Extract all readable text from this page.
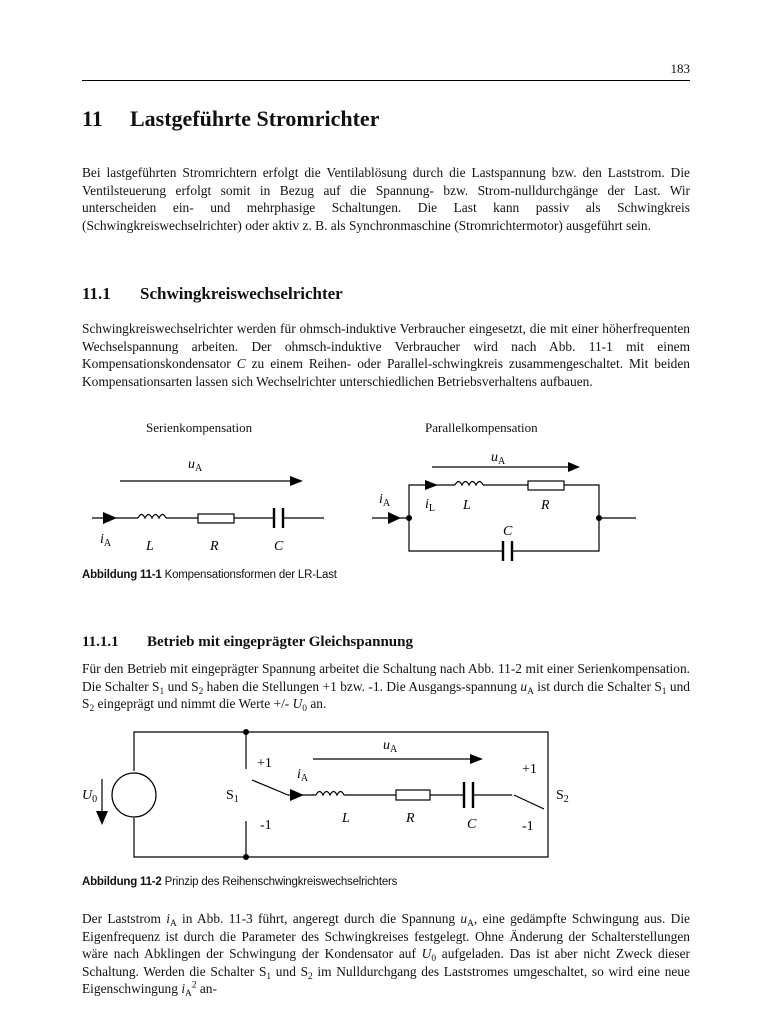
183
11 Lastgeführte Stromrichter
Bei lastgeführten Stromrichtern erfolgt die Ventilablösung durch die Lastspannung bzw. den Laststrom. Die Ventilsteuerung erfolgt somit in Bezug auf die Spannung- bzw. Strom-nulldurchgänge der Last. Wir unterscheiden ein- und mehrphasige Schaltungen. Die Last kann passiv als Schwingkreis (Schwingkreiswechselrichter) oder aktiv z. B. als Synchronmaschine (Stromrichtermotor) ausgeführt sein.
11.1 Schwingkreiswechselrichter
Schwingkreiswechselrichter werden für ohmsch-induktive Verbraucher eingesetzt, die mit einer höherfrequenten Wechselspannung arbeiten. Der ohmsch-induktive Verbraucher wird nach Abb. 11-1 mit einem Kompensationskondensator C zu einem Reihen- oder Parallel-schwingkreis zusammengeschaltet. Mit beiden Kompensationsarten lassen sich Wechselrichter unterschiedlichen Betriebsverhaltens aufbauen.
Serienkompensation	Parallelkompensation
$u_A$
$i_A$ L	R	C
$u_A$
$i_A$ $i_L$ L	R
C
Abbildung 11-1 Kompensationsformen der LR-Last
11.1.1 Betrieb mit eingeprägter Gleichspannung
Für den Betrieb mit eingeprägter Spannung arbeitet die Schaltung nach Abb. 11-2 mit einer Serienkompensation. Die Schalter $S_1$ und $S_2$ haben die Stellungen +1 bzw. -1. Die Ausgangs-spannung $u_A$ ist durch die Schalter $S_1$ und $S_2$ eingeprägt und nimmt die Werte +/- $U_0$ an.
$U_0$	$S_1$
+1
-1
$u_A$
$i_A$
L	R	C
+1
$S_2$
-1
Abbildung 11-2 Prinzip des Reihenschwingkreiswechselrichters
Der Laststrom $i_A$ in Abb. 11-3 führt, angeregt durch die Spannung $u_A$, eine gedämpfte Schwingung aus. Die Eigenfrequenz ist durch die Parameter des Schwingkreises festgelegt. Ohne Änderung der Schalterstellungen wäre nach Abklingen der Schwingung der Kondensator auf $U_0$ aufgeladen. Das ist aber nicht Zweck dieser Schaltung. Werden die Schalter $S_1$ und $S_2$ im Nulldurchgang des Laststromes umgeschaltet, so wird eine neue Eigenschwingung $i_A^2$ an-
